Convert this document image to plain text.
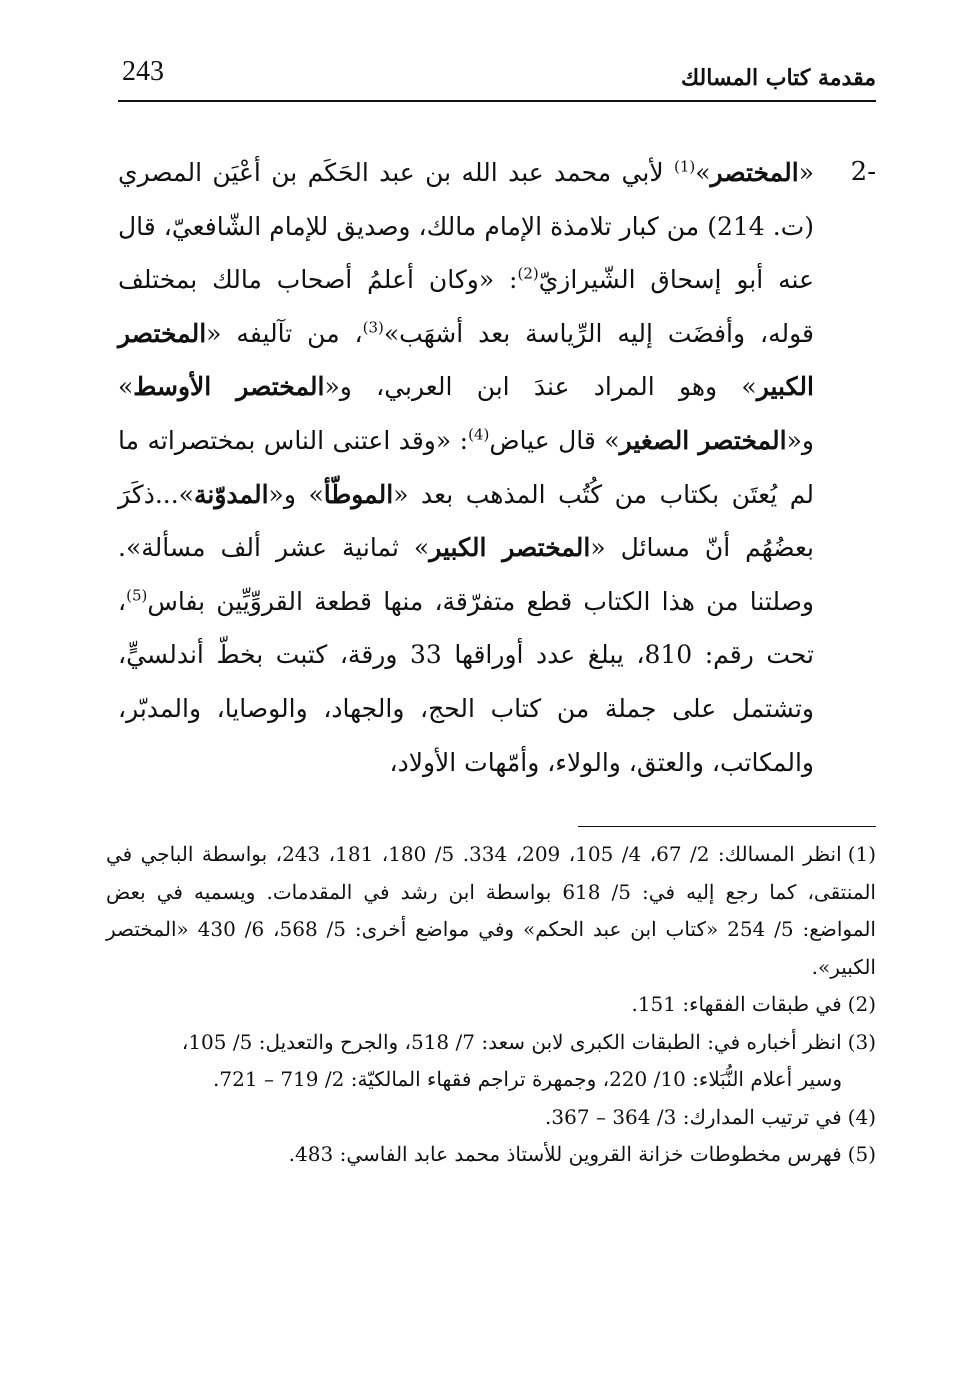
243	مقدمة كتاب المسالك
2-

«المختصر»$^{(1)}$ لأبي محمد عبد الله بن عبد الحَكَم بن أعْيَن المصري (ت. 214) من كبار تلامذة الإمام مالك، وصديق للإمام الشّافعيّ، قال عنه أبو إسحاق الشّيرازيّ$^{(2)}$: «وكان أعلمُ أصحاب مالك بمختلف قوله، وأفضَت إليه الرِّياسة بعد أشهَب»$^{(3)}$، من تآليفه «المختصر الكبير» وهو المراد عندَ ابن العربي، و«المختصر الأوسط» و«المختصر الصغير» قال عياض$^{(4)}$: «وقد اعتنى الناس بمختصراته ما لم يُعتَن بكتاب من كُتُب المذهب بعد «الموطّأ» و«المدوّنة»...ذكَرَ بعضُهُم أنّ مسائل «المختصر الكبير» ثمانية عشر ألف مسألة». وصلتنا من هذا الكتاب قطع متفرّقة، منها قطعة القروِّيِّين بفاس$^{(5)}$، تحت رقم: 810، يبلغ عدد أوراقها 33 ورقة، كتبت بخطّ أندلسيٍّ، وتشتمل على جملة من كتاب الحج، والجهاد، والوصايا، والمدبّر، والمكاتب، والعتق، والولاء، وأمّهات الأولاد،

(1)انظر المسالك: 2/ 67، 4/ 105، 209، 334. 5/ 180، 181، 243، بواسطة الباجي في المنتقى، كما رجع إليه في: 5/ 618 بواسطة ابن رشد في المقدمات. ويسميه في بعض المواضع: 5/ 254 «كتاب ابن عبد الحكم» وفي مواضع أخرى: 5/ 568، 6/ 430 «المختصر الكبير».

(2)في طبقات الفقهاء: 151.

(3)انظر أخباره في: الطبقات الكبرى لابن سعد: 7/ 518، والجرح والتعديل: 5/ 105،

وسير أعلام النُّبَلاء: 10/ 220، وجمهرة تراجم فقهاء المالكيّة: 2/ 719 – 721.

(4)في ترتيب المدارك: 3/ 364 – 367.

(5)فهرس مخطوطات خزانة القروين للأستاذ محمد عابد الفاسي: 483.
